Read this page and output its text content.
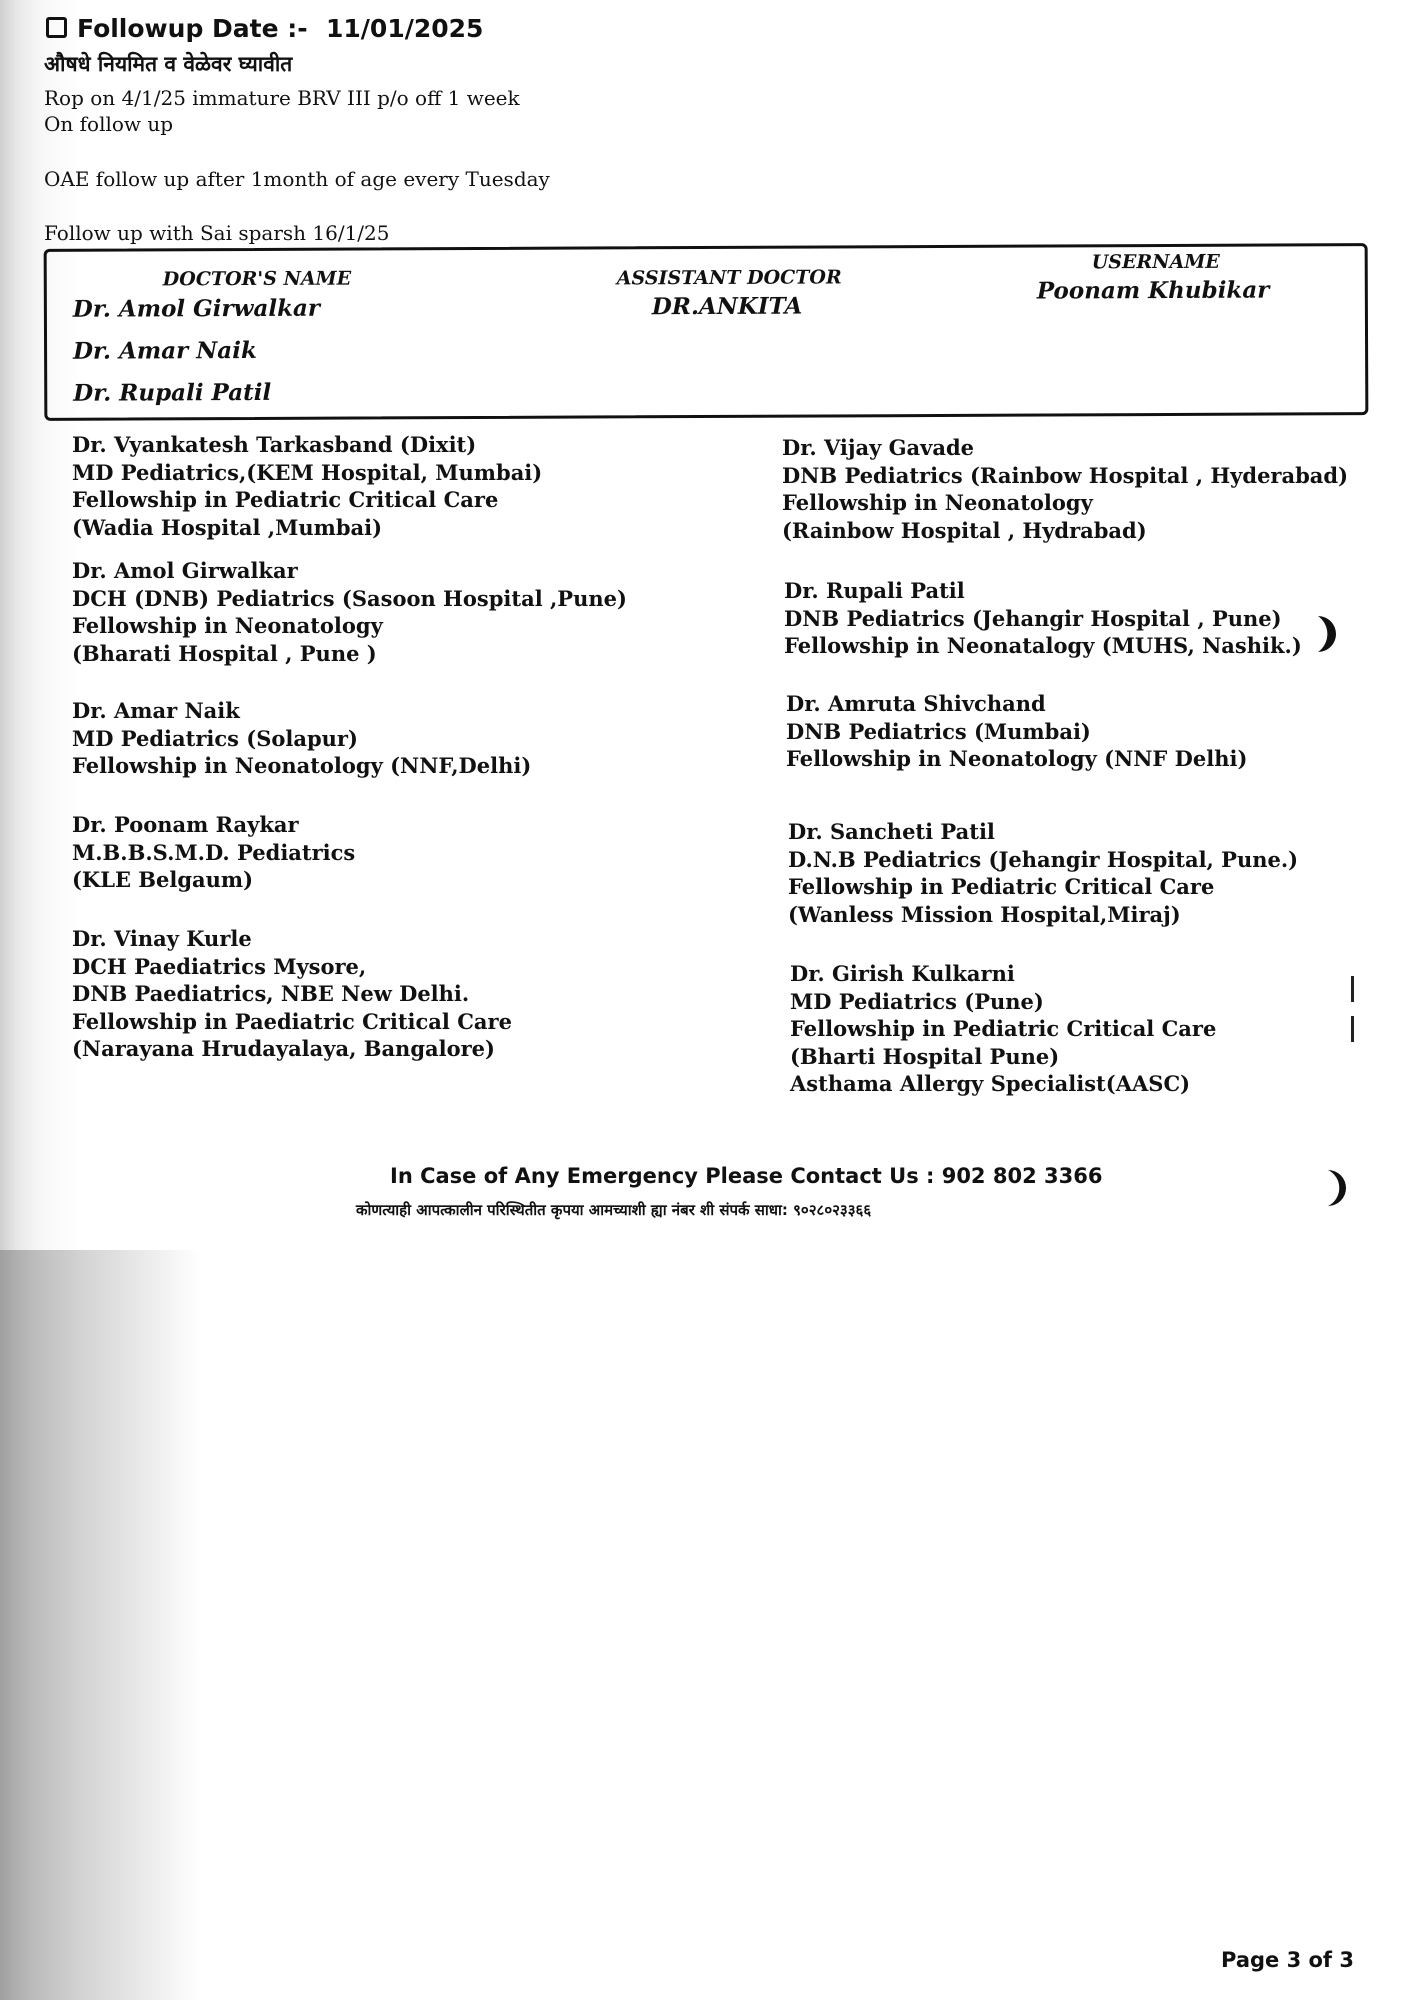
Followup Date :- 11/01/2025
औषधे नियमित व वेळेवर घ्यावीत
Rop on 4/1/25 immature BRV III p/o off 1 week
On follow up
OAE follow up after 1month of age every Tuesday
Follow up with Sai sparsh 16/1/25
DOCTOR'S NAME
Dr. Amol Girwalkar
Dr. Amar Naik
Dr. Rupali Patil
ASSISTANT DOCTOR
DR.ANKITA
USERNAME
Poonam Khubikar
Dr. Vyankatesh Tarkasband (Dixit)
MD Pediatrics,(KEM Hospital, Mumbai)
Fellowship in Pediatric Critical Care
(Wadia Hospital ,Mumbai)
Dr. Amol Girwalkar
DCH (DNB) Pediatrics (Sasoon Hospital ,Pune)
Fellowship in Neonatology
(Bharati Hospital , Pune )
Dr. Amar Naik
MD Pediatrics (Solapur)
Fellowship in Neonatology (NNF,Delhi)
Dr. Poonam Raykar
M.B.B.S.M.D. Pediatrics
(KLE Belgaum)
Dr. Vinay Kurle
DCH Paediatrics Mysore,
DNB Paediatrics, NBE New Delhi.
Fellowship in Paediatric Critical Care
(Narayana Hrudayalaya, Bangalore)
Dr. Vijay Gavade
DNB Pediatrics (Rainbow Hospital , Hyderabad)
Fellowship in Neonatology
(Rainbow Hospital , Hydrabad)
Dr. Rupali Patil
DNB Pediatrics (Jehangir Hospital , Pune)
Fellowship in Neonatalogy (MUHS, Nashik.)
Dr. Amruta Shivchand
DNB Pediatrics (Mumbai)
Fellowship in Neonatology (NNF Delhi)
Dr. Sancheti Patil
D.N.B Pediatrics (Jehangir Hospital, Pune.)
Fellowship in Pediatric Critical Care
(Wanless Mission Hospital,Miraj)
Dr. Girish Kulkarni
MD Pediatrics (Pune)
Fellowship in Pediatric Critical Care
(Bharti Hospital Pune)
Asthama Allergy Specialist(AASC)
In Case of Any Emergency Please Contact Us : 902 802 3366
कोणत्याही आपत्कालीन परिस्थितीत कृपया आमच्याशी ह्या नंबर शी संपर्क साधा: ९०२८०२३३६६
Page 3 of 3
